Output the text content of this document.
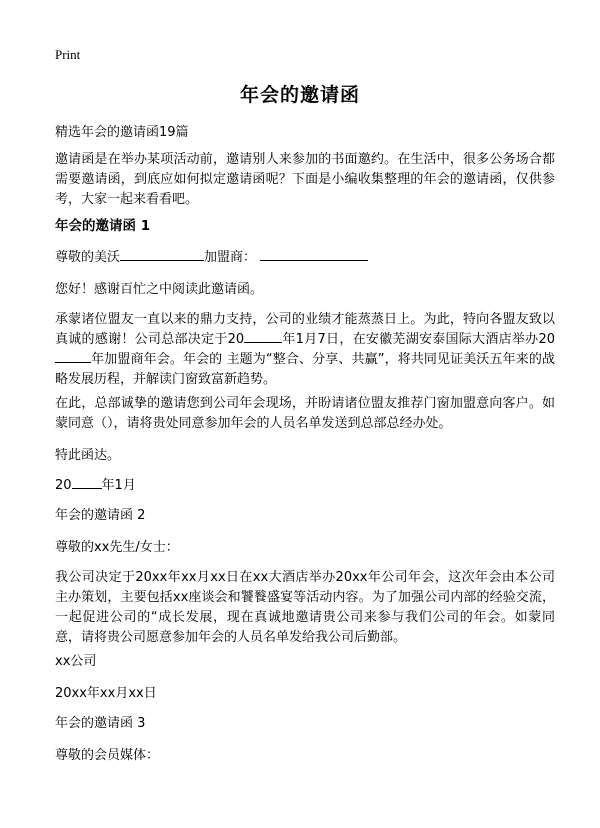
Print
年会的邀请函
精选年会的邀请函19篇
邀请函是在举办某项活动前，邀请别人来参加的书面邀约。在生活中，很多公务场合都需要邀请函，到底应如何拟定邀请函呢？下面是小编收集整理的年会的邀请函，仅供参考，大家一起来看看吧。
年会的邀请函 1
尊敬的美沃	加盟商：
您好！感谢百忙之中阅读此邀请函。
承蒙诸位盟友一直以来的鼎力支持，公司的业绩才能蒸蒸日上。为此，特向各盟友致以真诚的感谢！公司总部决定于20	年1月7日，在安徽芜湖安泰国际大酒店举办20年加盟商年会。年会的 主题为“整合、分享、共赢”，将共同见证美沃五年来的战略发展历程，并解读门窗致富新趋势。
在此，总部诚挚的邀请您到公司年会现场，并盼请诸位盟友推荐门窗加盟意向客户。如蒙同意（），请将贵处同意参加年会的人员名单发送到总部总经办处。
特此函达。
20 年1月
年会的邀请函 2
尊敬的xx先生/女士：
我公司决定于20xx年xx月xx日在xx大酒店举办20xx年公司年会，这次年会由本公司主办策划，主要包括xx座谈会和饕餮盛宴等活动内容。为了加强公司内部的经验交流，一起促进公司的“成长发展，现在真诚地邀请贵公司来参与我们公司的年会。如蒙同意，请将贵公司愿意参加年会的人员名单发给我公司后勤部。
xx公司
20xx年xx月xx日
年会的邀请函 3
尊敬的会员媒体：
